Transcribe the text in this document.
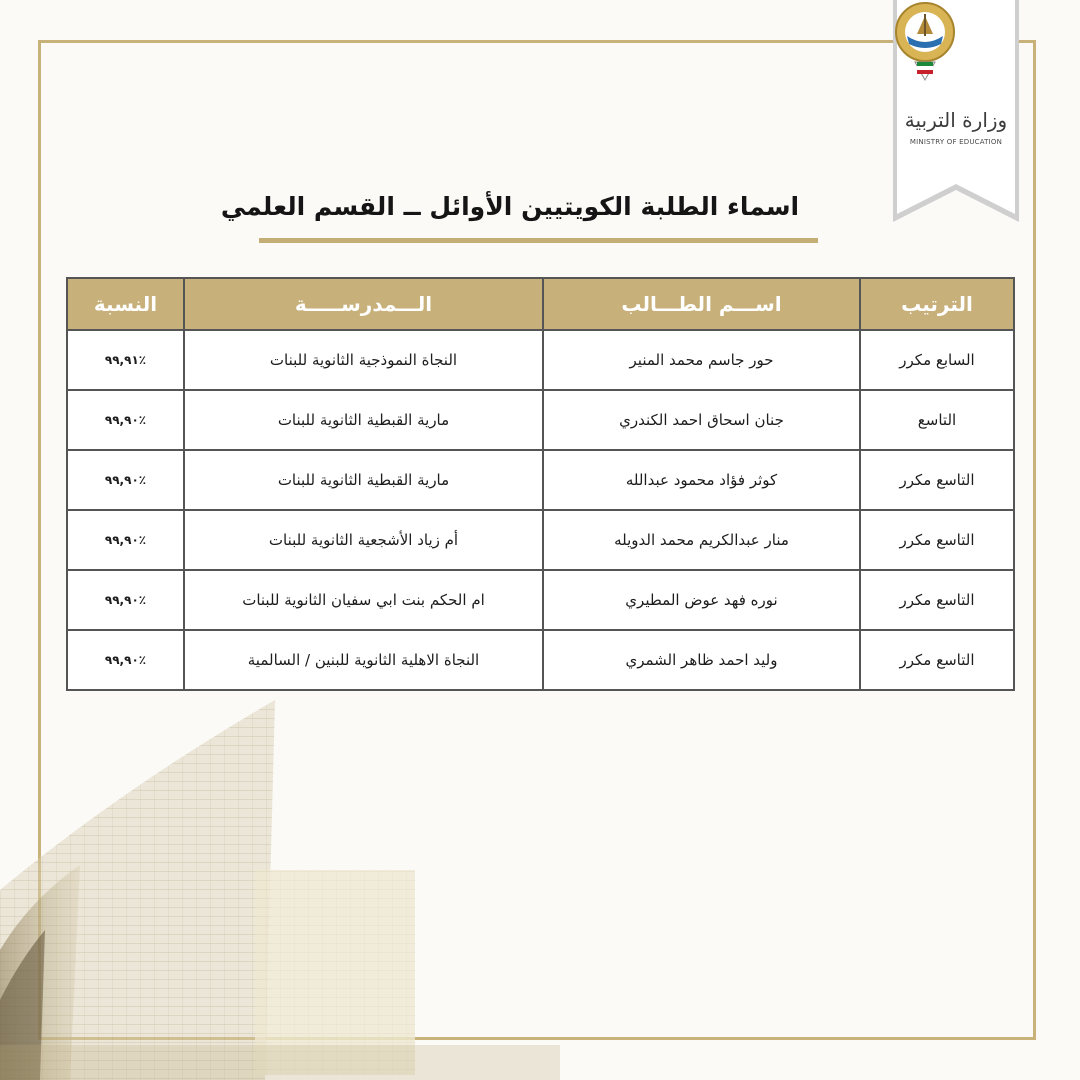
وزارة التربية
MINISTRY OF EDUCATION
اسماء الطلبة الكويتيين الأوائل ــ القسم العلمي
الترتيب	اســـم الطـــالب	الـــمدرســـــة	النسبة
السابع مكرر	حور جاسم محمد المنير	النجاة النموذجية الثانوية للبنات	٪٩٩,٩١
التاسع	جنان اسحاق احمد الكندري	مارية القبطية الثانوية للبنات	٪٩٩,٩٠
التاسع مكرر	كوثر فؤاد محمود عبدالله	مارية القبطية الثانوية للبنات	٪٩٩,٩٠
التاسع مكرر	منار عبدالكريم محمد الدويله	أم زياد الأشجعية الثانوية للبنات	٪٩٩,٩٠
التاسع مكرر	نوره فهد عوض المطيري	ام الحكم بنت ابي سفيان الثانوية للبنات	٪٩٩,٩٠
التاسع مكرر	وليد احمد ظاهر الشمري	النجاة الاهلية الثانوية للبنين / السالمية	٪٩٩,٩٠
